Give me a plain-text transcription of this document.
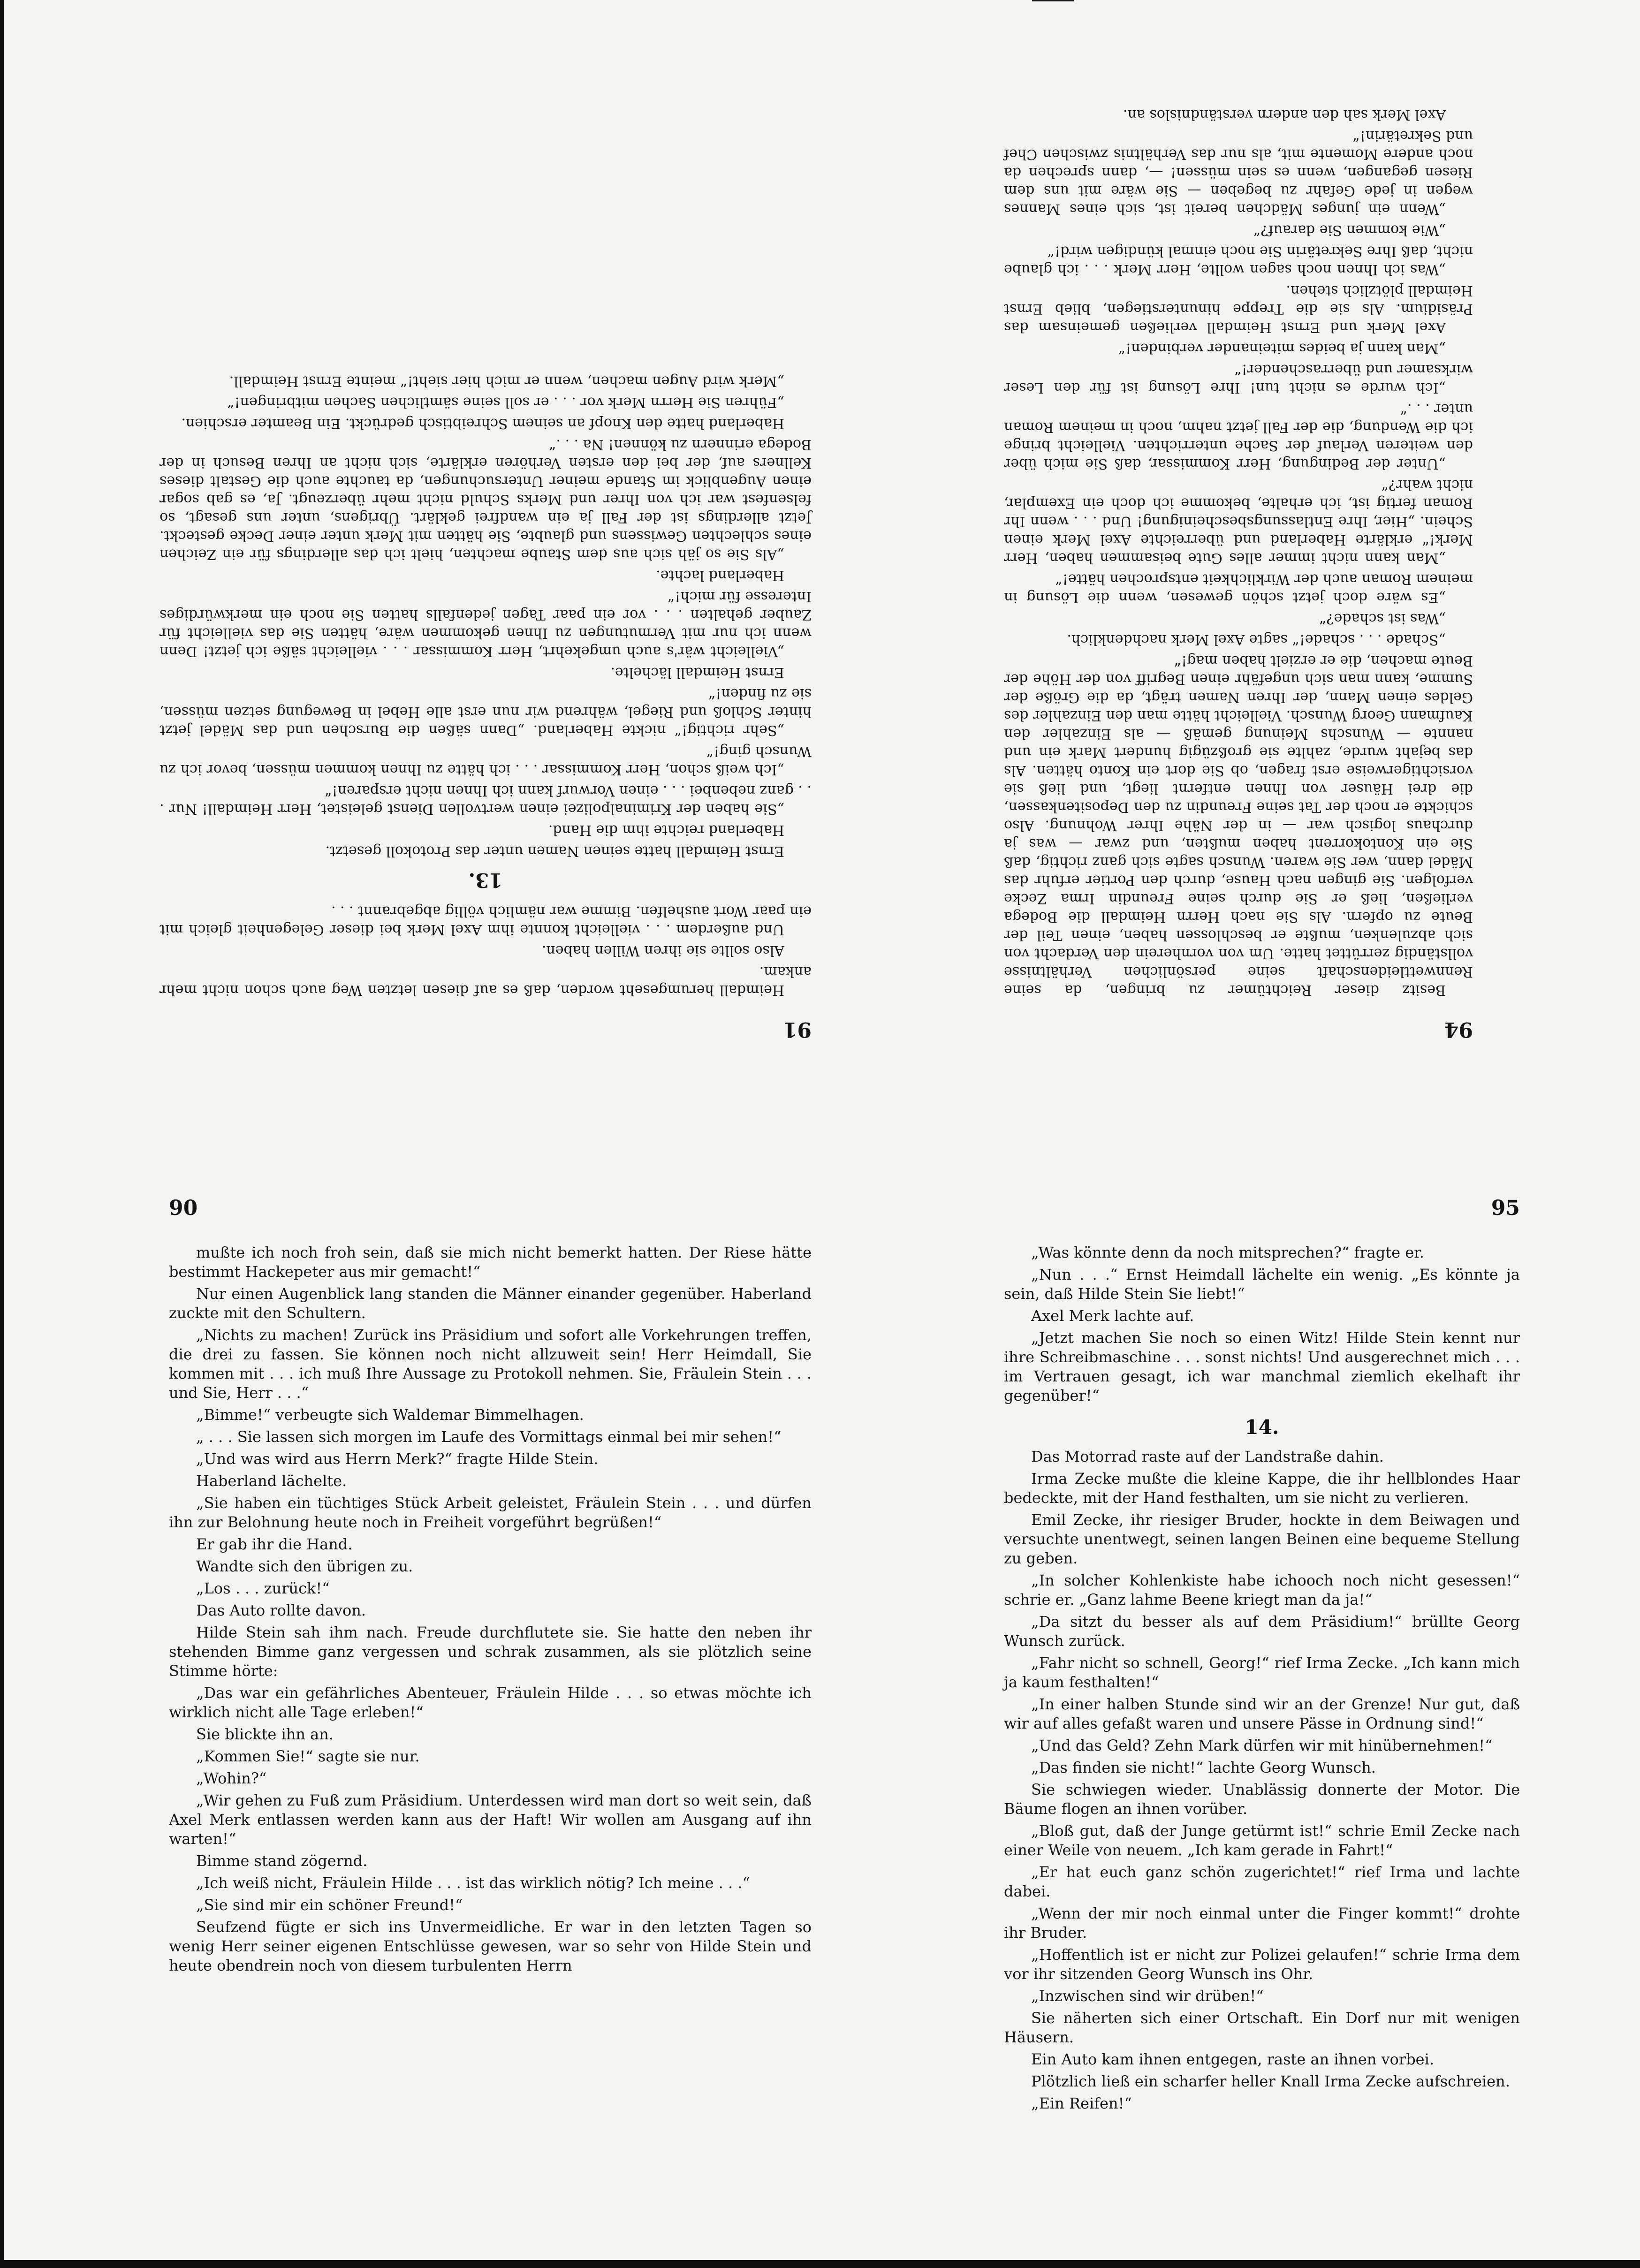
91

Heimdall herumgeseht worden, daß es auf diesen letzten Weg auch schon nicht mehr ankam.

Also sollte sie ihren Willen haben.

Und außerdem . . . vielleicht konnte ihm Axel Merk bei dieser Gelegenheit gleich mit ein paar Wort aushelfen. Bimme war nämlich völlig abgebrannt . . .

13.

Ernst Heimdall hatte seinen Namen unter das Protokoll gesetzt.

Haberland reichte ihm die Hand.

„Sie haben der Kriminalpolizei einen wertvollen Dienst geleistet, Herr Heimdall! Nur . . . ganz nebenbei . . . einen Vorwurf kann ich Ihnen nicht ersparen!“

„Ich weiß schon, Herr Kommissar . . . ich hätte zu Ihnen kommen müssen, bevor ich zu Wunsch ging!“

„Sehr richtig!“ nickte Haberland. „Dann säßen die Burschen und das Mädel jetzt hinter Schloß und Riegel, während wir nun erst alle Hebel in Bewegung setzen müssen, sie zu finden!“

Ernst Heimdall lächelte.

„Vielleicht wär's auch umgekehrt, Herr Kommissar . . . vielleicht säße ich jetzt! Denn wenn ich nur mit Vermutungen zu Ihnen gekommen wäre, hätten Sie das vielleicht für Zauber gehalten . . . vor ein paar Tagen jedenfalls hatten Sie noch ein merkwürdiges Interesse für mich!“

Haberland lachte.

„Als Sie so jäh sich aus dem Staube machten, hielt ich das allerdings für ein Zeichen eines schlechten Gewissens und glaubte, Sie hätten mit Merk unter einer Decke gesteckt. Jetzt allerdings ist der Fall ja ein wandfrei geklärt. Übrigens, unter uns gesagt, so felsenfest war ich von Ihrer und Merks Schuld nicht mehr überzeugt. Ja, es gab sogar einen Augenblick im Stande meiner Untersuchungen, da tauchte auch die Gestalt dieses Kellners auf, der bei den ersten Verhören erklärte, sich nicht an Ihren Besuch in der Bodega erinnern zu können! Na . . .“

Haberland hatte den Knopf an seinem Schreibtisch gedrückt. Ein Beamter erschien.

„Führen Sie Herrn Merk vor . . . er soll seine sämtlichen Sachen mitbringen!“

„Merk wird Augen machen, wenn er mich hier sieht!“ meinte Ernst Heimdall.

94

Besitz dieser Reichtümer zu bringen, da seine Rennwettleidenschaft seine persönlichen Verhältnisse vollständig zerrüttet hatte. Um von vornherein den Verdacht von sich abzulenken, mußte er beschlossen haben, einen Teil der Beute zu opfern. Als Sie nach Herrn Heimdall die Bodega verließen, ließ er Sie durch seine Freundin Irma Zecke verfolgen. Sie gingen nach Hause, durch den Portier erfuhr das Mädel dann, wer Sie waren. Wunsch sagte sich ganz richtig, daß Sie ein Kontokorrent haben mußten, und zwar — was ja durchaus logisch war — in der Nähe Ihrer Wohnung. Also schickte er noch der Tat seine Freundin zu den Depositenkassen, die drei Häuser von Ihnen entfernt liegt, und ließ sie vorsichtigerweise erst fragen, ob Sie dort ein Konto hätten. Als das bejaht wurde, zahlte sie großzügig hundert Mark ein und nannte — Wunschs Meinung gemäß — als Einzahler den Kaufmann Georg Wunsch. Vielleicht hätte man den Einzahler des Geldes einen Mann, der Ihren Namen trägt, da die Größe der Summe, kann man sich ungefähr einen Begriff von der Höhe der Beute machen, die er erzielt haben mag!“

„Schade . . . schade!“ sagte Axel Merk nachdenklich.

„Was ist schade?“

„Es wäre doch jetzt schön gewesen, wenn die Lösung in meinem Roman auch der Wirklichkeit entsprochen hätte!“

„Man kann nicht immer alles Gute beisammen haben, Herr Merk!“ erklärte Haberland und überreichte Axel Merk einen Schein. „Hier, Ihre Entlassungsbescheinigung! Und . . . wenn Ihr Roman fertig ist, ich erhalte, bekomme ich doch ein Exemplar, nicht wahr?“

„Unter der Bedingung, Herr Kommissar, daß Sie mich über den weiteren Verlauf der Sache unterrichten. Vielleicht bringe ich die Wendung, die der Fall jetzt nahm, noch in meinem Roman unter . . .“

„Ich wurde es nicht tun! Ihre Lösung ist für den Leser wirksamer und überraschender!“

„Man kann ja beides miteinander verbinden!“

Axel Merk und Ernst Heimdall verließen gemeinsam das Präsidium. Als sie die Treppe hinunterstiegen, blieb Ernst Heimdall plötzlich stehen.

„Was ich Ihnen noch sagen wollte, Herr Merk . . . ich glaube nicht, daß Ihre Sekretärin Sie noch einmal kündigen wird!“

„Wie kommen Sie darauf?“

„Wenn ein junges Mädchen bereit ist, sich eines Mannes wegen in jede Gefahr zu begeben — Sie wäre mit uns dem Riesen gegangen, wenn es sein müssen! —, dann sprechen da noch andere Momente mit, als nur das Verhältnis zwischen Chef und Sekretärin!“

Axel Merk sah den andern verständnislos an.

90

mußte ich noch froh sein, daß sie mich nicht bemerkt hatten. Der Riese hätte bestimmt Hackepeter aus mir gemacht!“

Nur einen Augenblick lang standen die Männer einander gegenüber. Haberland zuckte mit den Schultern.

„Nichts zu machen! Zurück ins Präsidium und sofort alle Vorkehrungen treffen, die drei zu fassen. Sie können noch nicht allzuweit sein! Herr Heimdall, Sie kommen mit . . . ich muß Ihre Aussage zu Protokoll nehmen. Sie, Fräulein Stein . . . und Sie, Herr . . .“

„Bimme!“ verbeugte sich Waldemar Bimmelhagen.

„ . . . Sie lassen sich morgen im Laufe des Vormittags einmal bei mir sehen!“

„Und was wird aus Herrn Merk?“ fragte Hilde Stein.

Haberland lächelte.

„Sie haben ein tüchtiges Stück Arbeit geleistet, Fräulein Stein . . . und dürfen ihn zur Belohnung heute noch in Freiheit vorgeführt begrüßen!“

Er gab ihr die Hand.

Wandte sich den übrigen zu.

„Los . . . zurück!“

Das Auto rollte davon.

Hilde Stein sah ihm nach. Freude durchflutete sie. Sie hatte den neben ihr stehenden Bimme ganz vergessen und schrak zusammen, als sie plötzlich seine Stimme hörte:

„Das war ein gefährliches Abenteuer, Fräulein Hilde . . . so etwas möchte ich wirklich nicht alle Tage erleben!“

Sie blickte ihn an.

„Kommen Sie!“ sagte sie nur.

„Wohin?“

„Wir gehen zu Fuß zum Präsidium. Unterdessen wird man dort so weit sein, daß Axel Merk entlassen werden kann aus der Haft! Wir wollen am Ausgang auf ihn warten!“

Bimme stand zögernd.

„Ich weiß nicht, Fräulein Hilde . . . ist das wirklich nötig? Ich meine . . .“

„Sie sind mir ein schöner Freund!“

Seufzend fügte er sich ins Unvermeidliche. Er war in den letzten Tagen so wenig Herr seiner eigenen Entschlüsse gewesen, war so sehr von Hilde Stein und heute obendrein noch von diesem turbulenten Herrn

95

„Was könnte denn da noch mitsprechen?“ fragte er.

„Nun . . .“ Ernst Heimdall lächelte ein wenig. „Es könnte ja sein, daß Hilde Stein Sie liebt!“

Axel Merk lachte auf.

„Jetzt machen Sie noch so einen Witz! Hilde Stein kennt nur ihre Schreibmaschine . . . sonst nichts! Und ausgerechnet mich . . . im Vertrauen gesagt, ich war manchmal ziemlich ekelhaft ihr gegenüber!“

14.

Das Motorrad raste auf der Landstraße dahin.

Irma Zecke mußte die kleine Kappe, die ihr hellblondes Haar bedeckte, mit der Hand festhalten, um sie nicht zu verlieren.

Emil Zecke, ihr riesiger Bruder, hockte in dem Beiwagen und versuchte unentwegt, seinen langen Beinen eine bequeme Stellung zu geben.

„In solcher Kohlenkiste habe ichooch noch nicht gesessen!“ schrie er. „Ganz lahme Beene kriegt man da ja!“

„Da sitzt du besser als auf dem Präsidium!“ brüllte Georg Wunsch zurück.

„Fahr nicht so schnell, Georg!“ rief Irma Zecke. „Ich kann mich ja kaum festhalten!“

„In einer halben Stunde sind wir an der Grenze! Nur gut, daß wir auf alles gefaßt waren und unsere Pässe in Ordnung sind!“

„Und das Geld? Zehn Mark dürfen wir mit hinübernehmen!“

„Das finden sie nicht!“ lachte Georg Wunsch.

Sie schwiegen wieder. Unablässig donnerte der Motor. Die Bäume flogen an ihnen vorüber.

„Bloß gut, daß der Junge getürmt ist!“ schrie Emil Zecke nach einer Weile von neuem. „Ich kam gerade in Fahrt!“

„Er hat euch ganz schön zugerichtet!“ rief Irma und lachte dabei.

„Wenn der mir noch einmal unter die Finger kommt!“ drohte ihr Bruder.

„Hoffentlich ist er nicht zur Polizei gelaufen!“ schrie Irma dem vor ihr sitzenden Georg Wunsch ins Ohr.

„Inzwischen sind wir drüben!“

Sie näherten sich einer Ortschaft. Ein Dorf nur mit wenigen Häusern.

Ein Auto kam ihnen entgegen, raste an ihnen vorbei.

Plötzlich ließ ein scharfer heller Knall Irma Zecke aufschreien.

„Ein Reifen!“
